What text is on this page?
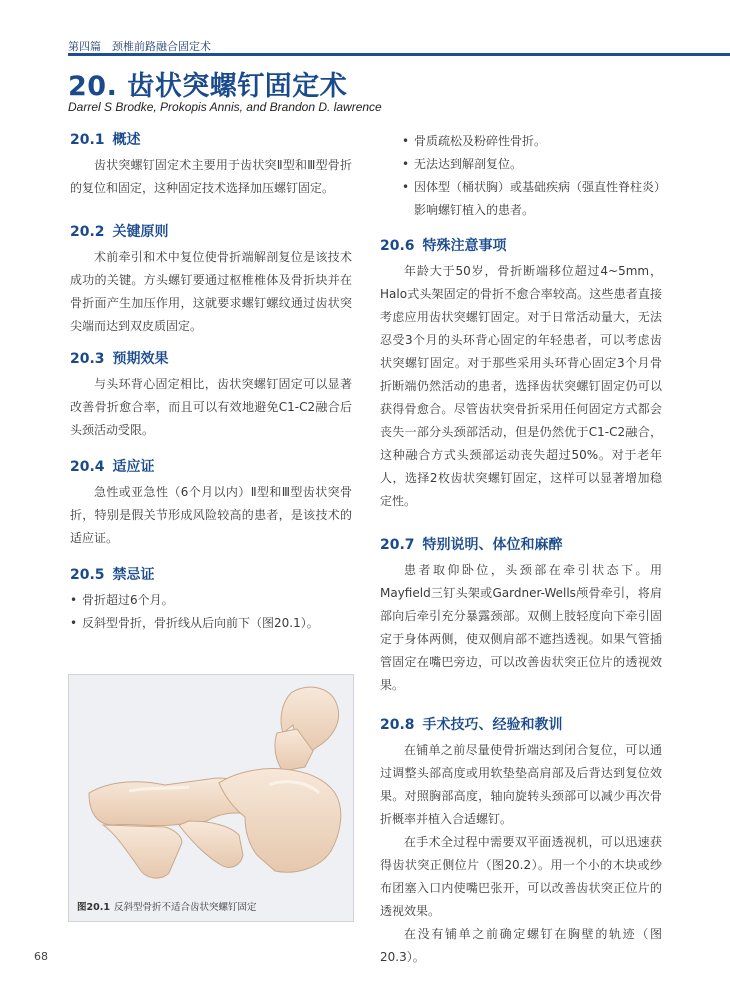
第四篇　颈椎前路融合固定术
20. 齿状突螺钉固定术
Darrel S Brodke, Prokopis Annis, and Brandon D. lawrence
20.1 概述

齿状突螺钉固定术主要用于齿状突Ⅱ型和Ⅲ型骨折的复位和固定，这种固定技术选择加压螺钉固定。

20.2 关键原则

术前牵引和术中复位使骨折端解剖复位是该技术成功的关键。方头螺钉要通过枢椎椎体及骨折块并在骨折面产生加压作用，这就要求螺钉螺纹通过齿状突尖端而达到双皮质固定。

20.3 预期效果

与头环背心固定相比，齿状突螺钉固定可以显著改善骨折愈合率，而且可以有效地避免C1-C2融合后头颈活动受限。

20.4 适应证

急性或亚急性（6个月以内）Ⅱ型和Ⅲ型齿状突骨折，特别是假关节形成风险较高的患者，是该技术的适应证。

20.5 禁忌证
• 骨折超过6个月。
• 反斜型骨折，骨折线从后向前下（图20.1）。
图20.1 反斜型骨折不适合齿状突螺钉固定
• 骨质疏松及粉碎性骨折。
• 无法达到解剖复位。
• 因体型（桶状胸）或基础疾病（强直性脊柱炎）影响螺钉植入的患者。
20.6 特殊注意事项

年龄大于50岁，骨折断端移位超过4~5mm，Halo式头架固定的骨折不愈合率较高。这些患者直接考虑应用齿状突螺钉固定。对于日常活动量大，无法忍受3个月的头环背心固定的年轻患者，可以考虑齿状突螺钉固定。对于那些采用头环背心固定3个月骨折断端仍然活动的患者，选择齿状突螺钉固定仍可以获得骨愈合。尽管齿状突骨折采用任何固定方式都会丧失一部分头颈部活动，但是仍然优于C1-C2融合，这种融合方式头颈部运动丧失超过50%。对于老年人，选择2枚齿状突螺钉固定，这样可以显著增加稳定性。

20.7 特别说明、体位和麻醉

患者取仰卧位，头颈部在牵引状态下。用Mayfield三钉头架或Gardner-Wells颅骨牵引，将肩部向后牵引充分暴露颈部。双侧上肢轻度向下牵引固定于身体两侧，使双侧肩部不遮挡透视。如果气管插管固定在嘴巴旁边，可以改善齿状突正位片的透视效果。

20.8 手术技巧、经验和教训

在铺单之前尽量使骨折端达到闭合复位，可以通过调整头部高度或用软垫垫高肩部及后背达到复位效果。对照胸部高度，轴向旋转头颈部可以减少再次骨折概率并植入合适螺钉。

在手术全过程中需要双平面透视机，可以迅速获得齿状突正侧位片（图20.2）。用一个小的木块或纱布团塞入口内使嘴巴张开，可以改善齿状突正位片的透视效果。

在没有铺单之前确定螺钉在胸壁的轨迹（图20.3）。

68
